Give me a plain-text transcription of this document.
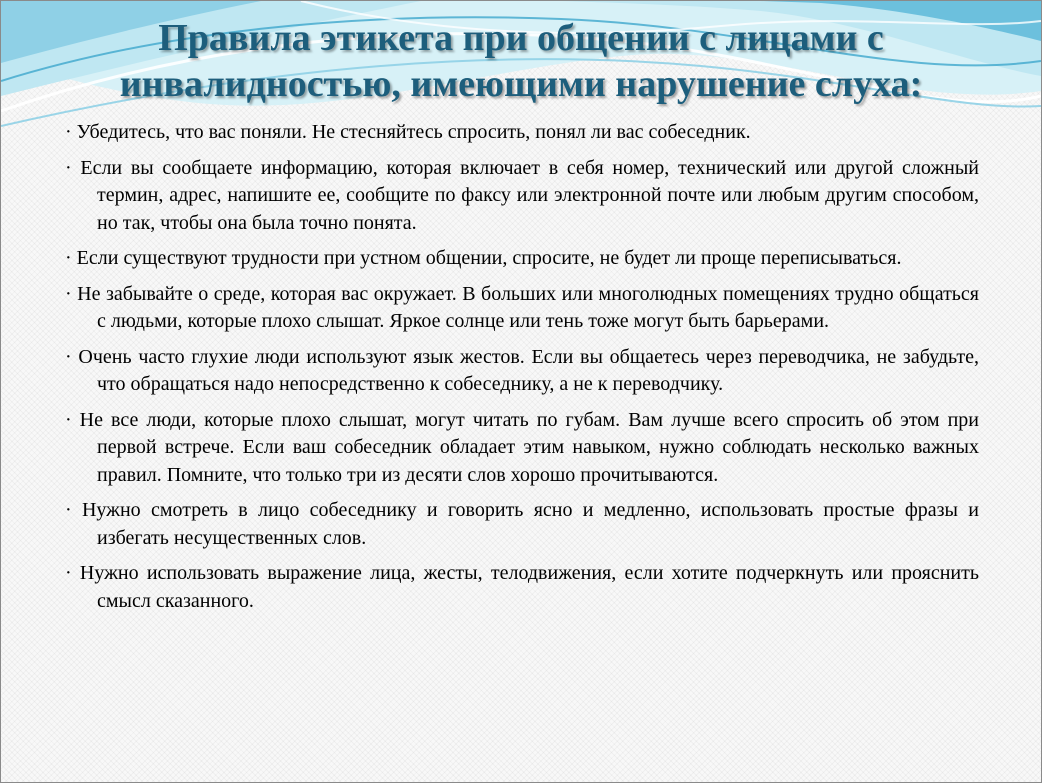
Правила этикета при общении с лицами с
инвалидностью, имеющими нарушение слуха:

· Убедитесь, что вас поняли. Не стесняйтесь спросить, понял ли вас собеседник.

· Если вы сообщаете информацию, которая включает в себя номер, технический или другой сложный термин, адрес, напишите ее, сообщите по факсу или электронной почте или любым другим способом, но так, чтобы она была точно понята.

· Если существуют трудности при устном общении, спросите, не будет ли проще переписываться.

· Не забывайте о среде, которая вас окружает. В больших или многолюдных помещениях трудно общаться с людьми, которые плохо слышат. Яркое солнце или тень тоже могут быть барьерами.

· Очень часто глухие люди используют язык жестов. Если вы общаетесь через переводчика, не забудьте, что обращаться надо непосредственно к собеседнику, а не к переводчику.

· Не все люди, которые плохо слышат, могут читать по губам. Вам лучше всего спросить об этом при первой встрече. Если ваш собеседник обладает этим навыком, нужно соблюдать несколько важных правил. Помните, что только три из десяти слов хорошо прочитываются.

· Нужно смотреть в лицо собеседнику и говорить ясно и медленно, использовать простые фразы и избегать несущественных слов.

· Нужно использовать выражение лица, жесты, телодвижения, если хотите подчеркнуть или прояснить смысл сказанного.
